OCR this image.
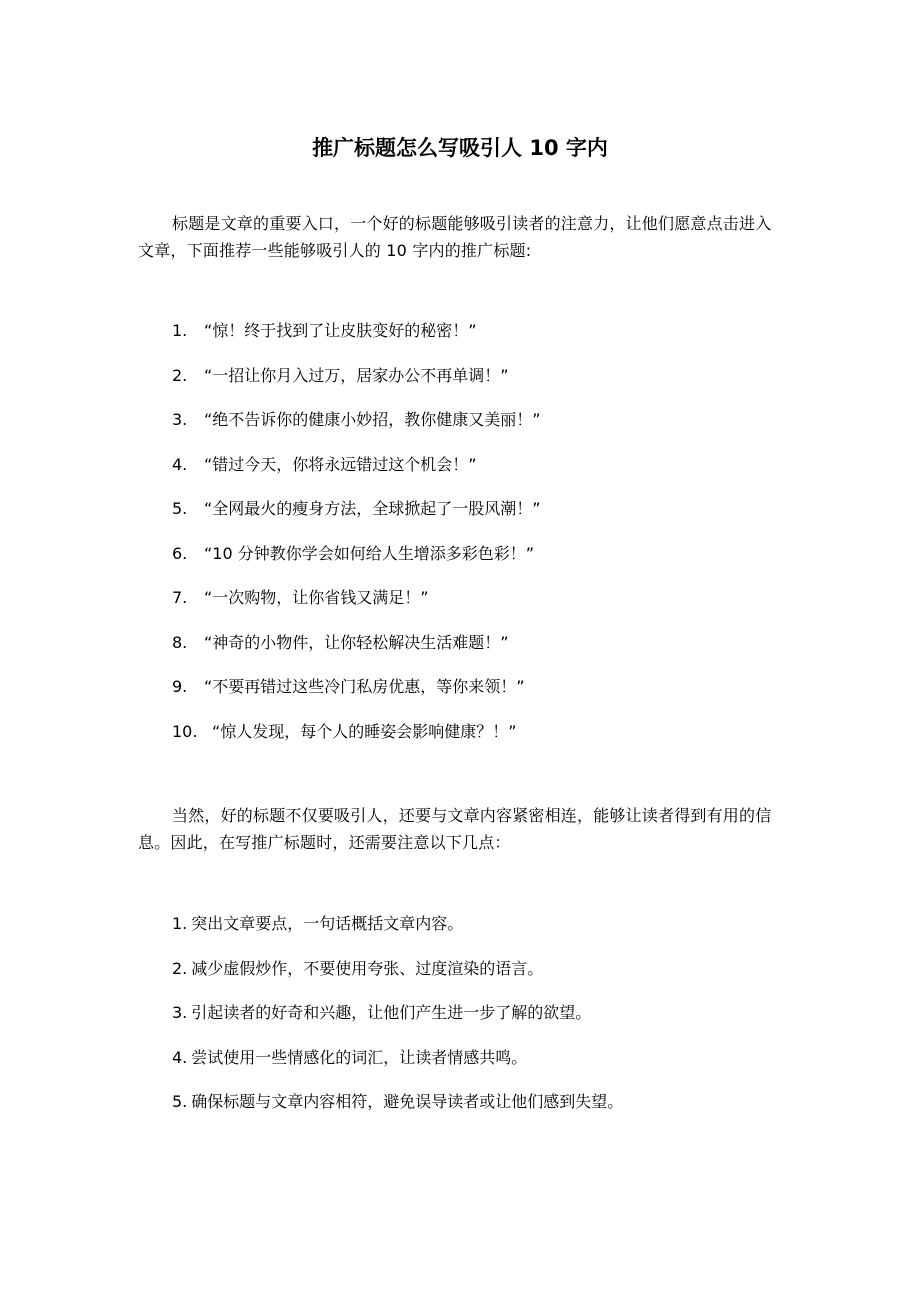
推广标题怎么写吸引人 10 字内

标题是文章的重要入口，一个好的标题能够吸引读者的注意力，让他们愿意点击进入文章，下面推荐一些能够吸引人的 10 字内的推广标题:

1. “惊！终于找到了让皮肤变好的秘密！”
2. “一招让你月入过万，居家办公不再单调！”
3. “绝不告诉你的健康小妙招，教你健康又美丽！”
4. “错过今天，你将永远错过这个机会！”
5. “全网最火的瘦身方法，全球掀起了一股风潮！”
6. “10 分钟教你学会如何给人生增添多彩色彩！”
7. “一次购物，让你省钱又满足！”
8. “神奇的小物件，让你轻松解决生活难题！”
9. “不要再错过这些冷门私房优惠，等你来领！”
10. “惊人发现，每个人的睡姿会影响健康？！”

当然，好的标题不仅要吸引人，还要与文章内容紧密相连，能够让读者得到有用的信息。因此，在写推广标题时，还需要注意以下几点：

1. 突出文章要点，一句话概括文章内容。
2. 减少虚假炒作，不要使用夸张、过度渲染的语言。
3. 引起读者的好奇和兴趣，让他们产生进一步了解的欲望。
4. 尝试使用一些情感化的词汇，让读者情感共鸣。
5. 确保标题与文章内容相符，避免误导读者或让他们感到失望。
